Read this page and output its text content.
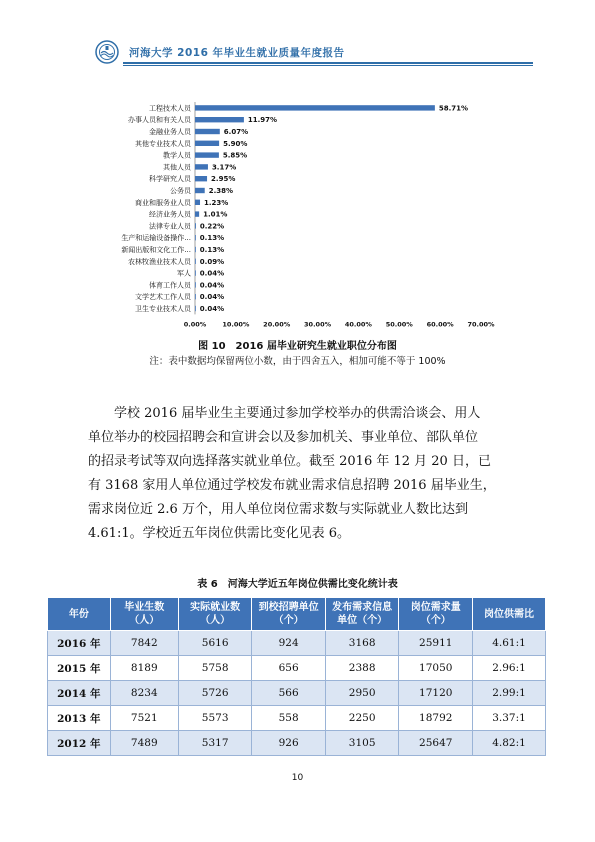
河海大学 2016 年毕业生就业质量年度报告
工程技术人员	58.71%
办事人员和有关人员	11.97%
金融业务人员	6.07%
其他专业技术人员	5.90%
教学人员	5.85%
其他人员	3.17%
科学研究人员	2.95%
公务员	2.38%
商业和服务业人员 1.23%
经济业务人员 1.01%
法律专业人员 0.22%
生产和运输设备操作... 0.13%
新闻出版和文化工作... 0.13%
农林牧渔业技术人员 0.09%
军人 0.04%
体育工作人员 0.04%
文学艺术工作人员 0.04%
卫生专业技术人员 0.04%
0.00% 10.00% 20.00% 30.00% 40.00% 50.00% 60.00% 70.00%
图 10　2016 届毕业研究生就业职位分布图
注：表中数据均保留两位小数，由于四舍五入，相加可能不等于 100%
学校 2016 届毕业生主要通过参加学校举办的供需洽谈会、用人
单位举办的校园招聘会和宣讲会以及参加机关、事业单位、部队单位
的招录考试等双向选择落实就业单位。截至 2016 年 12 月 20 日，已
有 3168 家用人单位通过学校发布就业需求信息招聘 2016 届毕业生，
需求岗位近 2.6 万个，用人单位岗位需求数与实际就业人数比达到
4.61:1。学校近五年岗位供需比变化见表 6。
表 6　河海大学近五年岗位供需比变化统计表
年份	毕业生数（人）	实际就业数（人）	到校招聘单位（个）	发布需求信息单位（个）	岗位需求量（个）	岗位供需比
2016 年	7842	5616	924	3168	25911	4.61:1
2015 年	8189	5758	656	2388	17050	2.96:1
2014 年	8234	5726	566	2950	17120	2.99:1
2013 年	7521	5573	558	2250	18792	3.37:1
2012 年	7489	5317	926	3105	25647	4.82:1
10
